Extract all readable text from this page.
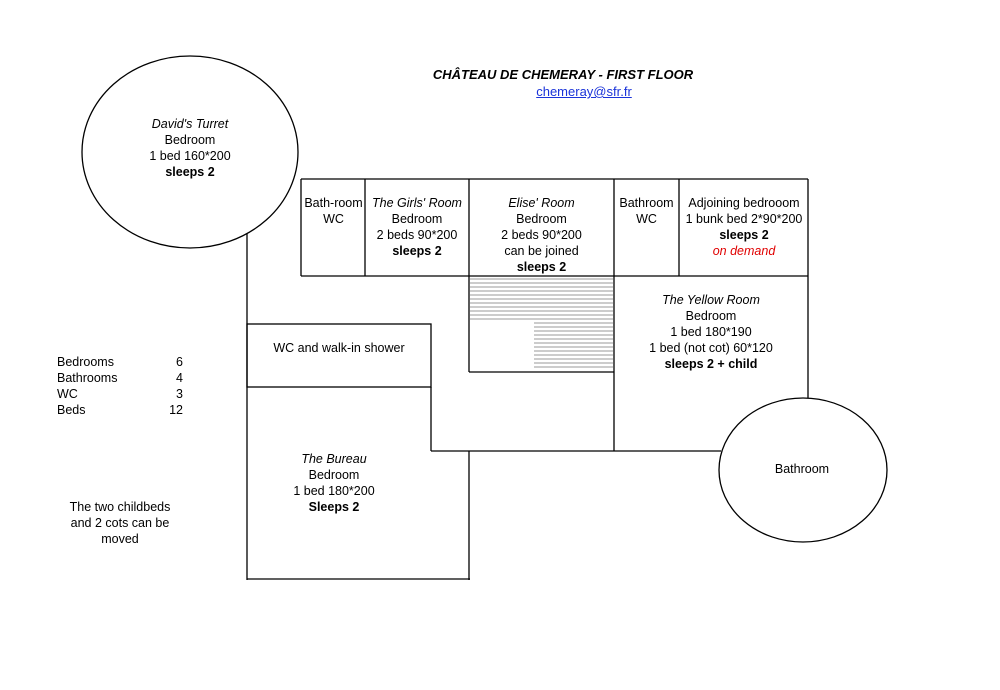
CHÂTEAU DE CHEMERAY - FIRST FLOOR
chemeray@sfr.fr
David's Turret
Bedroom
1 bed 160*200
sleeps 2
Bath-room
WC
The Girls' Room
Bedroom
2 beds 90*200
sleeps 2
Elise' Room
Bedroom
2 beds 90*200
can be joined
sleeps 2
Bathroom
WC
Adjoining bedrooom
1 bunk bed 2*90*200
sleeps 2
on demand
WC and walk-in shower
The Yellow Room
Bedroom
1 bed 180*190
1 bed (not cot) 60*120
sleeps 2 + child
The Bureau
Bedroom
1 bed 180*200
Sleeps 2
Bathroom
Bedrooms	6
Bathrooms	4
WC	3
Beds	12
The two childbeds
and 2 cots can be
moved
